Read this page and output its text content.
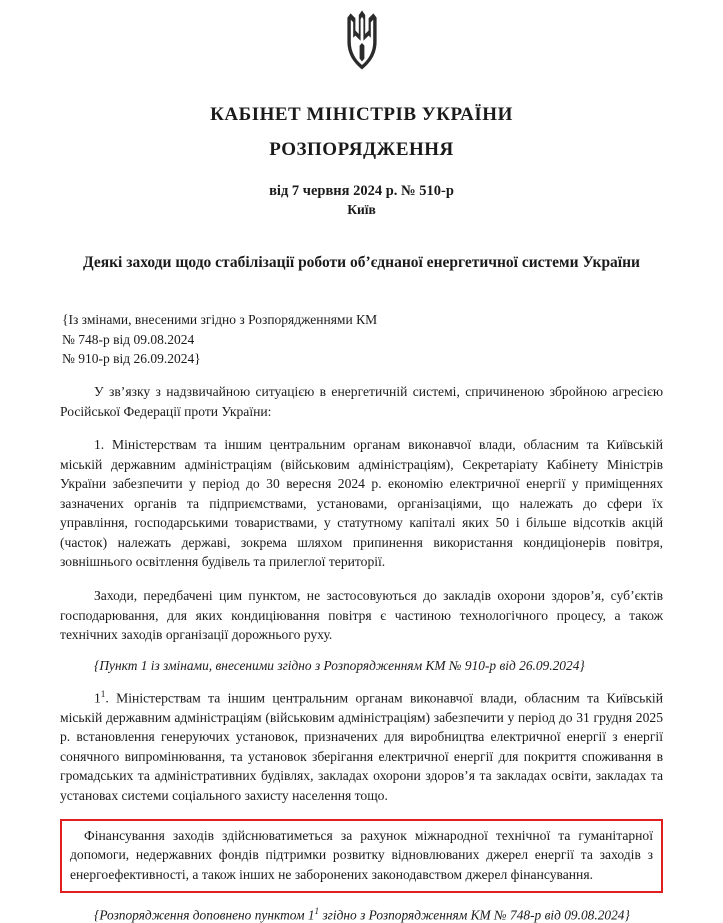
КАБІНЕТ МІНІСТРІВ УКРАЇНИ
РОЗПОРЯДЖЕННЯ
від 7 червня 2024 р. № 510-р
Київ
Деякі заходи щодо стабілізації роботи об’єднаної енергетичної системи України
{Із змінами, внесеними згідно з Розпорядженнями КМ
№ 748-р від 09.08.2024
№ 910-р від 26.09.2024}

У зв’язку з надзвичайною ситуацією в енергетичній системі, спричиненою збройною агресією Російської Федерації проти України:

1. Міністерствам та іншим центральним органам виконавчої влади, обласним та Київській міській державним адміністраціям (військовим адміністраціям), Секретаріату Кабінету Міністрів України забезпечити у період до 30 вересня 2024 р. економію електричної енергії у приміщеннях зазначених органів та підприємствами, установами, організаціями, що належать до сфери їх управління, господарськими товариствами, у статутному капіталі яких 50 і більше відсотків акцій (часток) належать державі, зокрема шляхом припинення використання кондиціонерів повітря, зовнішнього освітлення будівель та прилеглої території.

Заходи, передбачені цим пунктом, не застосовуються до закладів охорони здоров’я, суб’єктів господарювання, для яких кондиціювання повітря є частиною технологічного процесу, а також технічних заходів організації дорожнього руху.

{Пункт 1 із змінами, внесеними згідно з Розпорядженням КМ № 910-р від 26.09.2024}

$1^1$. Міністерствам та іншим центральним органам виконавчої влади, обласним та Київській міській державним адміністраціям (військовим адміністраціям) забезпечити у період до 31 грудня 2025 р. встановлення генеруючих установок, призначених для виробництва електричної енергії з енергії сонячного випромінювання, та установок зберігання електричної енергії для покриття споживання в громадських та адміністративних будівлях, закладах охорони здоров’я та закладах освіти, закладах та установах системи соціального захисту населення тощо.

Фінансування заходів здійснюватиметься за рахунок міжнародної технічної та гуманітарної допомоги, недержавних фондів підтримки розвитку відновлюваних джерел енергії та заходів з енергоефективності, а також інших не заборонених законодавством джерел фінансування.

{Розпорядження доповнено пунктом $1^1$ згідно з Розпорядженням КМ № 748-р від 09.08.2024}
